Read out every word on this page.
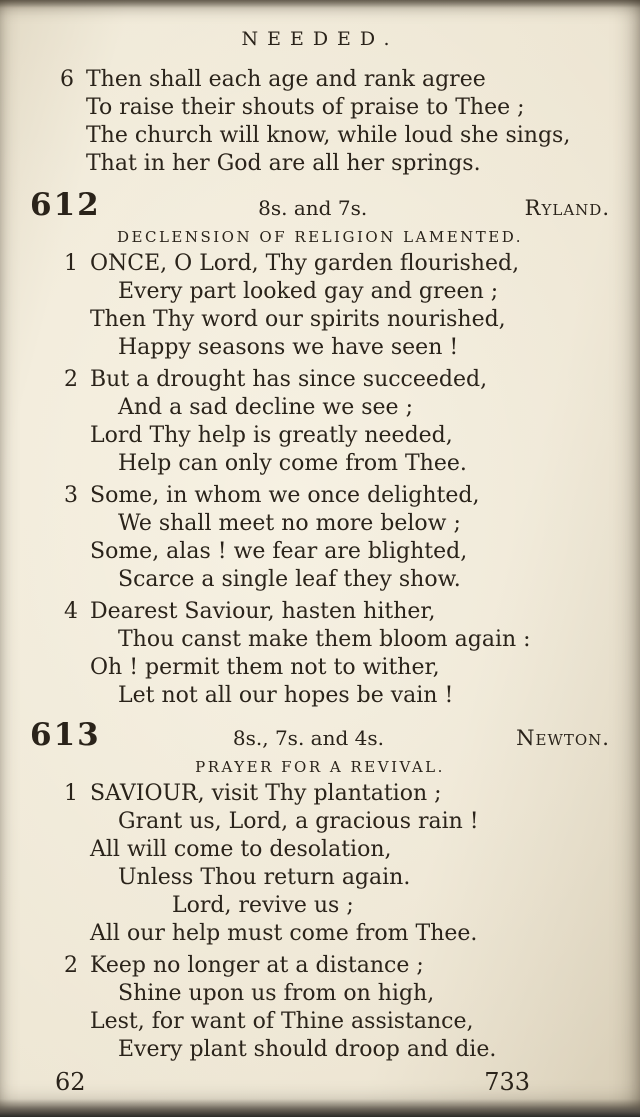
NEEDED.
6 Then shall each age and rank agree
To raise their shouts of praise to Thee ;
The church will know, while loud she sings,
That in her God are all her springs.
612	8s. and 7s.	Ryland.
DECLENSION OF RELIGION LAMENTED.
1 ONCE, O Lord, Thy garden flourished,
Every part looked gay and green ;
Then Thy word our spirits nourished,
Happy seasons we have seen !
2 But a drought has since succeeded,
And a sad decline we see ;
Lord Thy help is greatly needed,
Help can only come from Thee.
3 Some, in whom we once delighted,
We shall meet no more below ;
Some, alas ! we fear are blighted,
Scarce a single leaf they show.
4 Dearest Saviour, hasten hither,
Thou canst make them bloom again :
Oh ! permit them not to wither,
Let not all our hopes be vain !
613	8s., 7s. and 4s.	Newton.
PRAYER FOR A REVIVAL.
1 SAVIOUR, visit Thy plantation ;
Grant us, Lord, a gracious rain !
All will come to desolation,
Unless Thou return again.
Lord, revive us ;
All our help must come from Thee.
2 Keep no longer at a distance ;
Shine upon us from on high,
Lest, for want of Thine assistance,
Every plant should droop and die.
62	733
